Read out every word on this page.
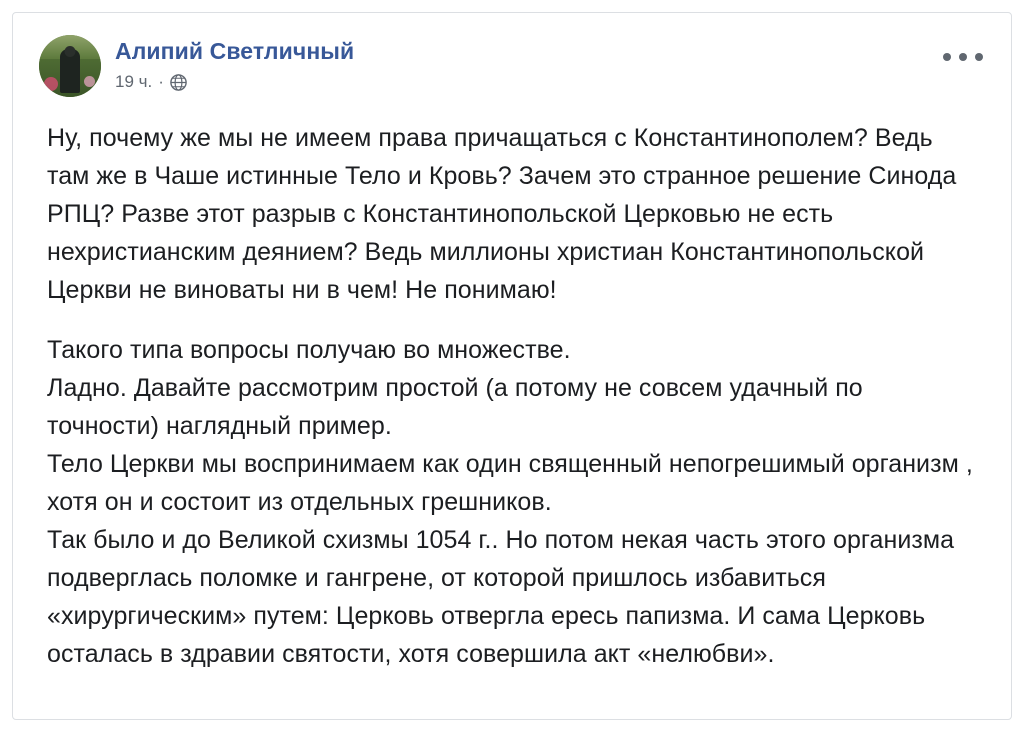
Алипий Светличный
19 ч. ·

Ну, почему же мы не имеем права причащаться с Константинополем? Ведь там же в Чаше истинные Тело и Кровь? Зачем это странное решение Синода РПЦ? Разве этот разрыв с Константинопольской Церковью не есть нехристианским деянием? Ведь миллионы христиан Константинопольской Церкви не виноваты ни в чем! Не понимаю!

Такого типа вопросы получаю во множестве.

Ладно. Давайте рассмотрим простой (а потому не совсем удачный по точности) наглядный пример.

Тело Церкви мы воспринимаем как один священный непогрешимый организм , хотя он и состоит из отдельных грешников.

Так было и до Великой схизмы 1054 г.. Но потом некая часть этого организма подверглась поломке и гангрене, от которой пришлось избавиться «хирургическим» путем: Церковь отвергла ересь папизма. И сама Церковь осталась в здравии святости, хотя совершила акт «нелюбви».
